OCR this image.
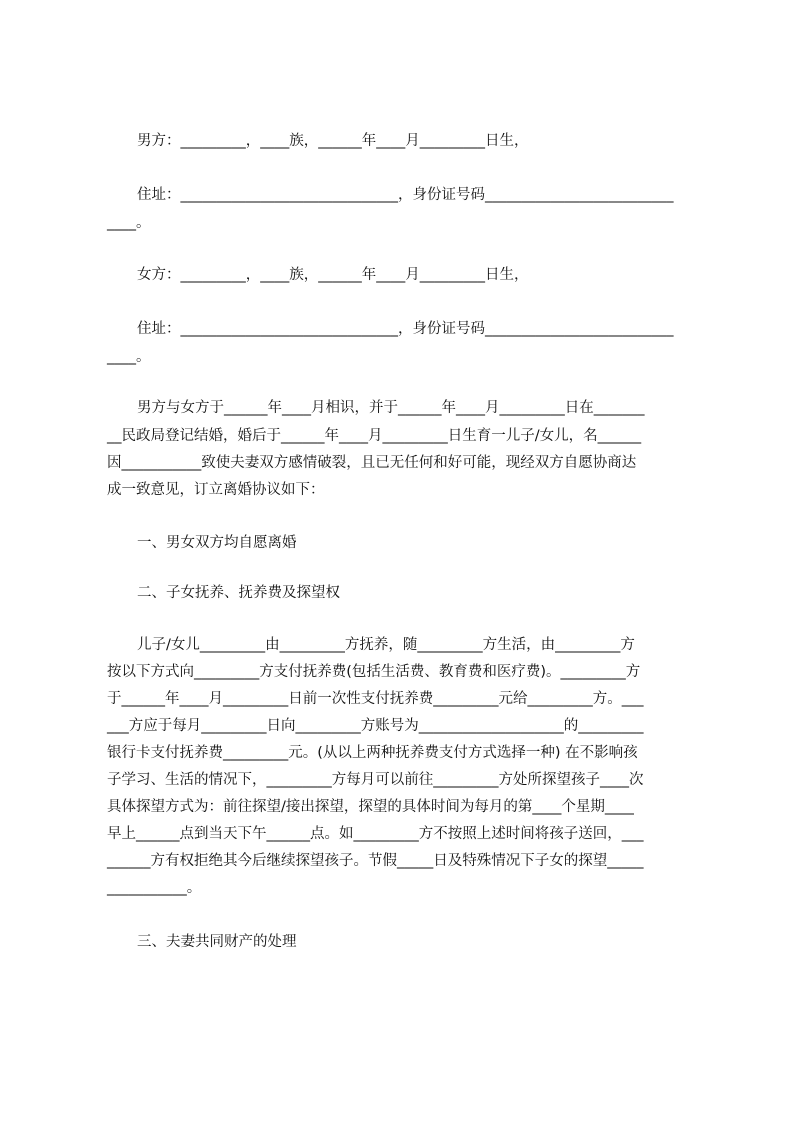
男方：_________，____族，______年____月_________日生，
住址：______________________________，身份证号码__________________________
____。
女方：_________，____族，______年____月_________日生，
住址：______________________________，身份证号码__________________________
____。
男方与女方于______年____月相识，并于______年____月_________日在_______
__民政局登记结婚，婚后于______年____月_________日生育一儿子/女儿，名______
因___________致使夫妻双方感情破裂，且已无任何和好可能，现经双方自愿协商达
成一致意见，订立离婚协议如下：
一、男女双方均自愿离婚
二、子女抚养、抚养费及探望权
儿子/女儿_________由_________方抚养，随_________方生活，由_________方
按以下方式向_________方支付抚养费(包括生活费、教育费和医疗费)。_________方
于______年____月_________日前一次性支付抚养费_________元给_________方。___
___方应于每月_________日向_________方账号为____________________的_________
银行卡支付抚养费_________元。(从以上两种抚养费支付方式选择一种) 在不影响孩
子学习、生活的情况下，_________方每月可以前往_________方处所探望孩子____次
具体探望方式为：前往探望/接出探望，探望的具体时间为每月的第____个星期____
早上______点到当天下午______点。如_________方不按照上述时间将孩子送回，___
______方有权拒绝其今后继续探望孩子。节假_____日及特殊情况下子女的探望_____
___________。
三、夫妻共同财产的处理
